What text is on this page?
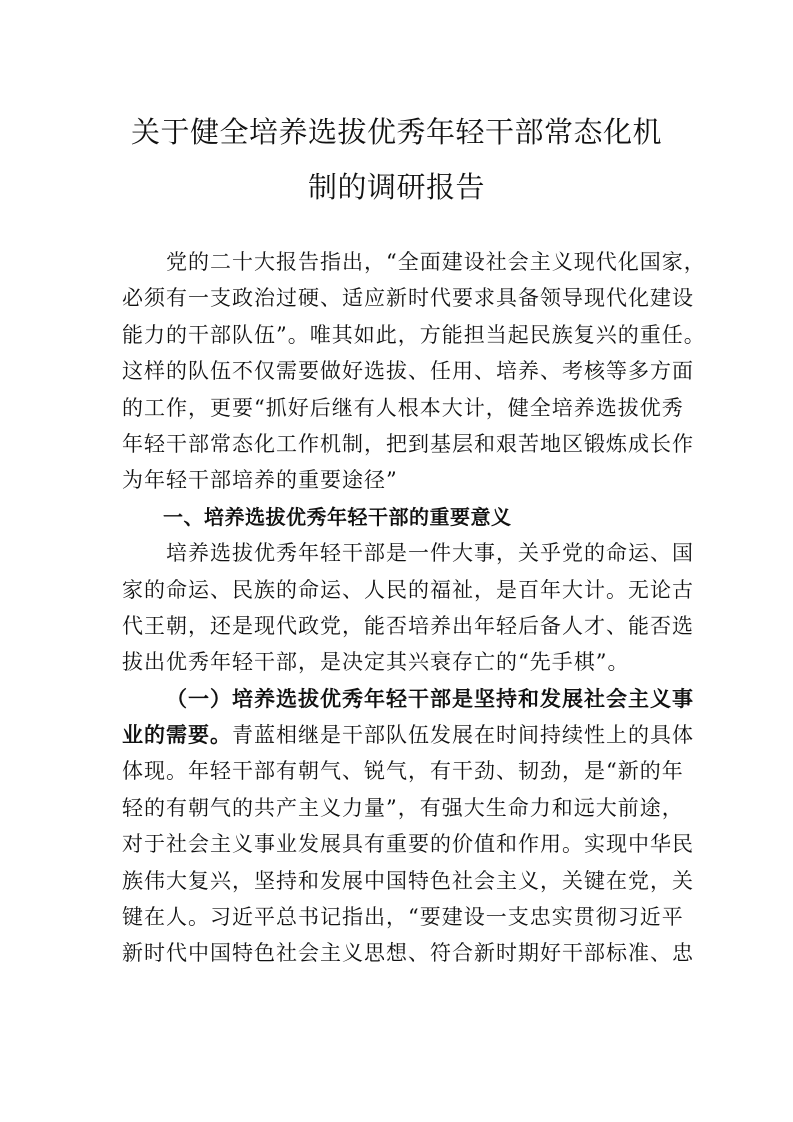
关于健全培养选拔优秀年轻干部常态化机
制的调研报告
党的二十大报告指出，“全面建设社会主义现代化国家，
必须有一支政治过硬、适应新时代要求具备领导现代化建设
能力的干部队伍”。唯其如此，方能担当起民族复兴的重任。
这样的队伍不仅需要做好选拔、任用、培养、考核等多方面
的工作，更要“抓好后继有人根本大计，健全培养选拔优秀
年轻干部常态化工作机制，把到基层和艰苦地区锻炼成长作
为年轻干部培养的重要途径”
一、培养选拔优秀年轻干部的重要意义
培养选拔优秀年轻干部是一件大事，关乎党的命运、国
家的命运、民族的命运、人民的福祉，是百年大计。无论古
代王朝，还是现代政党，能否培养出年轻后备人才、能否选
拔出优秀年轻干部，是决定其兴衰存亡的“先手棋”。
（一）培养选拔优秀年轻干部是坚持和发展社会主义事
业的需要。青蓝相继是干部队伍发展在时间持续性上的具体
体现。年轻干部有朝气、锐气，有干劲、韧劲，是“新的年
轻的有朝气的共产主义力量”，有强大生命力和远大前途，
对于社会主义事业发展具有重要的价值和作用。实现中华民
族伟大复兴，坚持和发展中国特色社会主义，关键在党，关
键在人。习近平总书记指出，“要建设一支忠实贯彻习近平
新时代中国特色社会主义思想、符合新时期好干部标准、忠
